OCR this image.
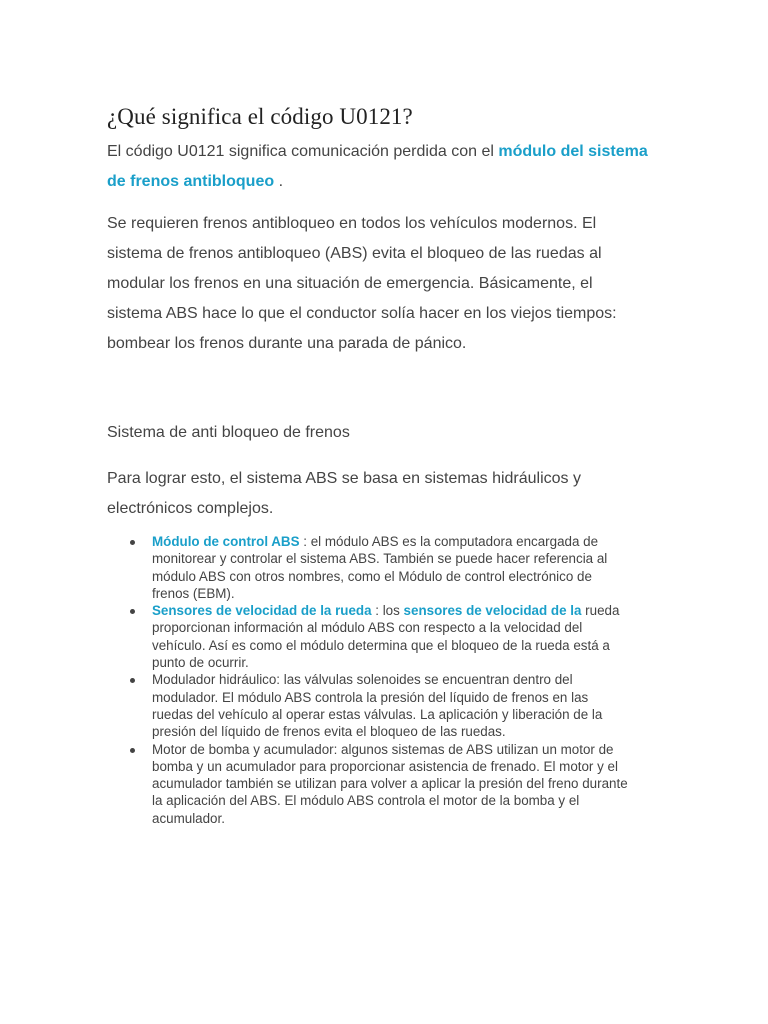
¿Qué significa el código U0121?

El código U0121 significa comunicación perdida con el módulo del sistema de frenos antibloqueo .

Se requieren frenos antibloqueo en todos los vehículos modernos. El sistema de frenos antibloqueo (ABS) evita el bloqueo de las ruedas al modular los frenos en una situación de emergencia. Básicamente, el sistema ABS hace lo que el conductor solía hacer en los viejos tiempos: bombear los frenos durante una parada de pánico.

Sistema de anti bloqueo de frenos

Para lograr esto, el sistema ABS se basa en sistemas hidráulicos y electrónicos complejos.

Módulo de control ABS : el módulo ABS es la computadora encargada de monitorear y controlar el sistema ABS. También se puede hacer referencia al módulo ABS con otros nombres, como el Módulo de control electrónico de frenos (EBM).
Sensores de velocidad de la rueda : los sensores de velocidad de la rueda proporcionan información al módulo ABS con respecto a la velocidad del vehículo. Así es como el módulo determina que el bloqueo de la rueda está a punto de ocurrir.
Modulador hidráulico: las válvulas solenoides se encuentran dentro del modulador. El módulo ABS controla la presión del líquido de frenos en las ruedas del vehículo al operar estas válvulas. La aplicación y liberación de la presión del líquido de frenos evita el bloqueo de las ruedas.
Motor de bomba y acumulador: algunos sistemas de ABS utilizan un motor de bomba y un acumulador para proporcionar asistencia de frenado. El motor y el acumulador también se utilizan para volver a aplicar la presión del freno durante la aplicación del ABS. El módulo ABS controla el motor de la bomba y el acumulador.
